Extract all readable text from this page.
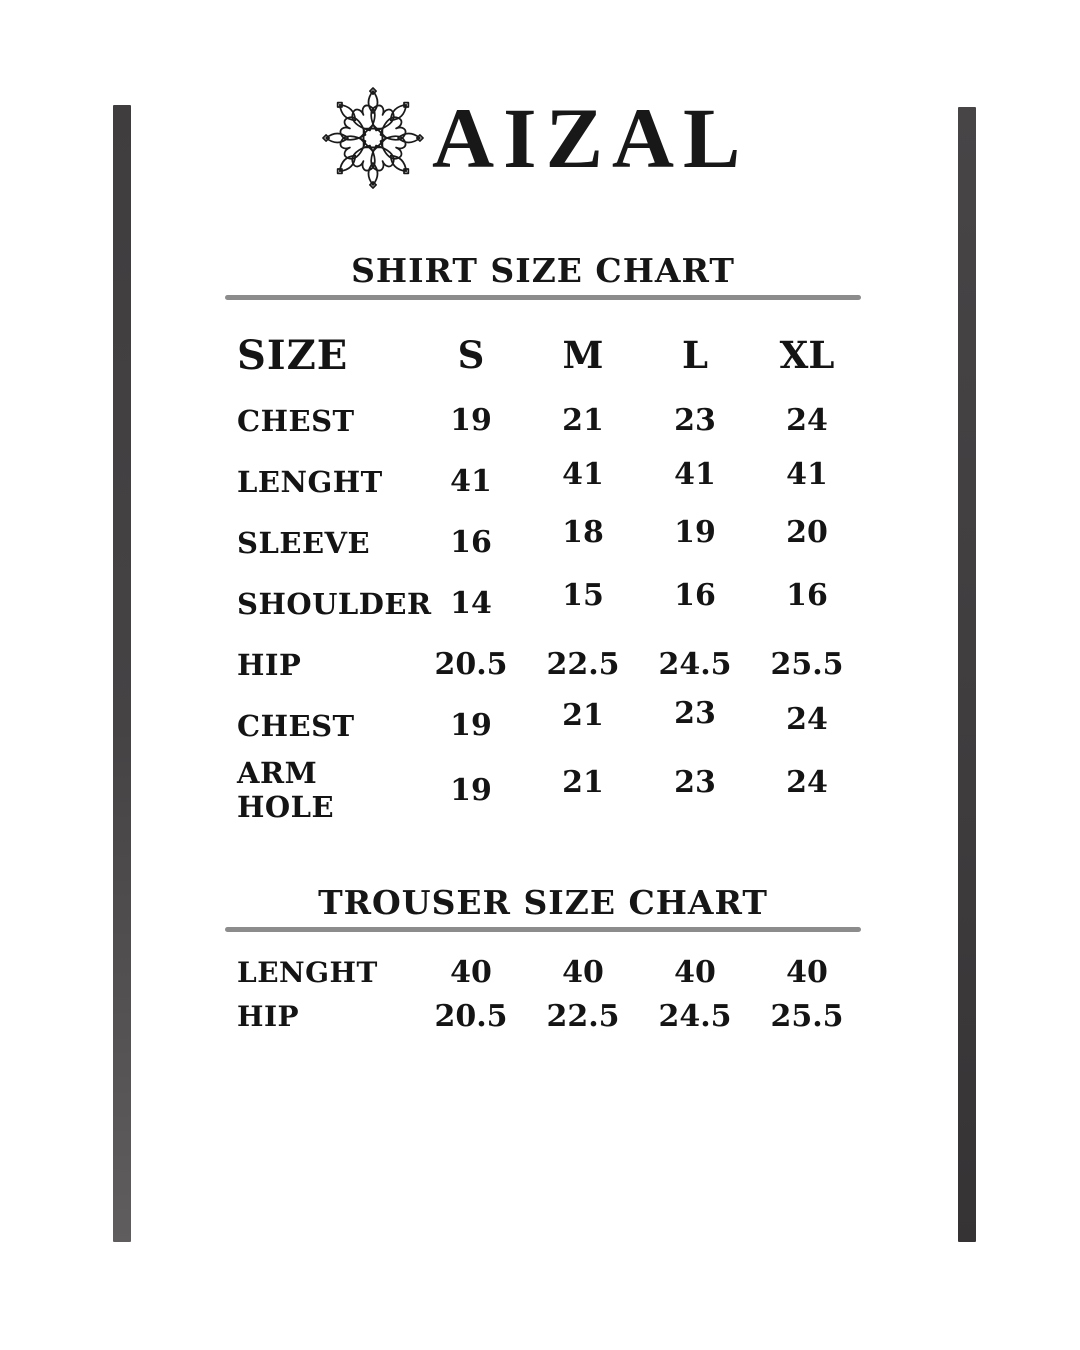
AIZAL
SHIRT SIZE CHART
SIZE	S	M	L	XL
CHEST	19	21	23	24
LENGHT	41	41	41	41
SLEEVE	16	18	19	20
SHOULDER 14	15	16	16
HIP	20.5	22.5	24.5	25.5
CHEST	19	21	23	24
ARM HOLE	19	21	23	24
TROUSER SIZE CHART
LENGHT	40	40	40	40
HIP	20.5	22.5	24.5	25.5
